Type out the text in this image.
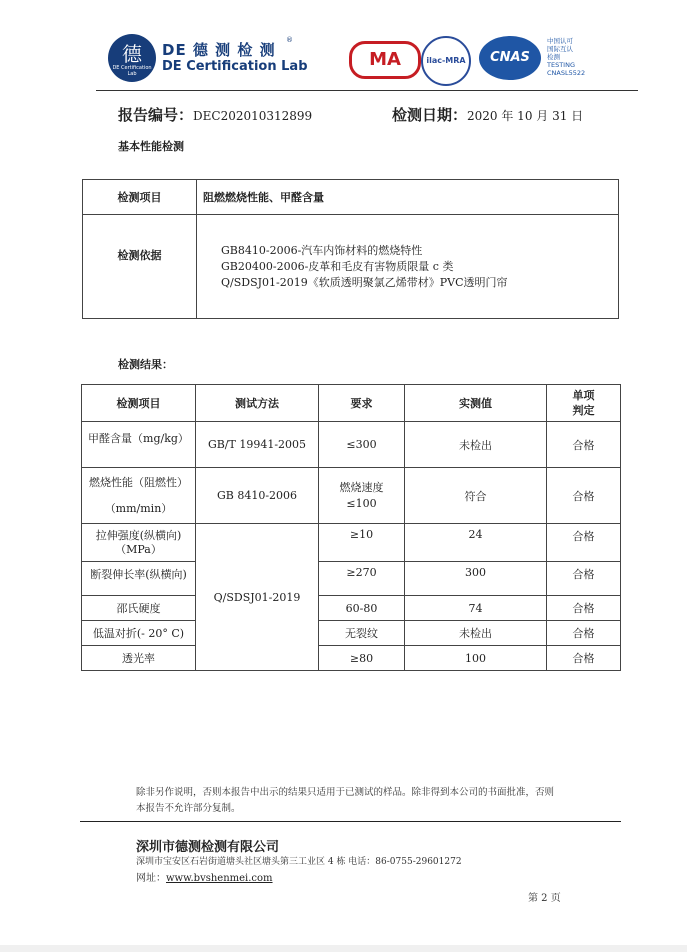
德
DE Certification Lab
DE 德 测 检 测
®
DE Certification Lab	MA	ilac-MRA	CNAS
中国认可
国际互认
检测
TESTING
CNASL5522
报告编号：DEC202010312899	检测日期：2020 年 10 月 31 日
基本性能检测
检测项目	阻燃燃烧性能、甲醛含量
检测依据	GB8410-2006-汽车内饰材料的燃烧特性
GB20400-2006-皮革和毛皮有害物质限量 c 类
Q/SDSJ01-2019《软质透明聚氯乙烯带材》PVC透明门帘
检测结果：
检测项目	测试方法	要求	实测值	单项
判定
甲醛含量（mg/kg）	GB/T 19941-2005	≤300	未检出	合格
燃烧性能（阻燃性）

（mm/min）	GB 8410-2006	燃烧速度
≤100	符合	合格
拉伸强度(纵横向)
（MPa）	Q/SDSJ01-2019	≥10	24	合格
断裂伸长率(纵横向)		≥270	300	合格
邵氏硬度		60-80	74	合格
低温对折(- 20° C)		无裂纹	未检出	合格
透光率		≥80	100	合格
除非另作说明，否则本报告中出示的结果只适用于已测试的样品。除非得到本公司的书面批准，否则本报告不允许部分复制。
深圳市德测检测有限公司
深圳市宝安区石岩街道塘头社区塘头第三工业区 4 栋 电话：86-0755-29601272
网址：www.bvshenmei.com
第 2 页
